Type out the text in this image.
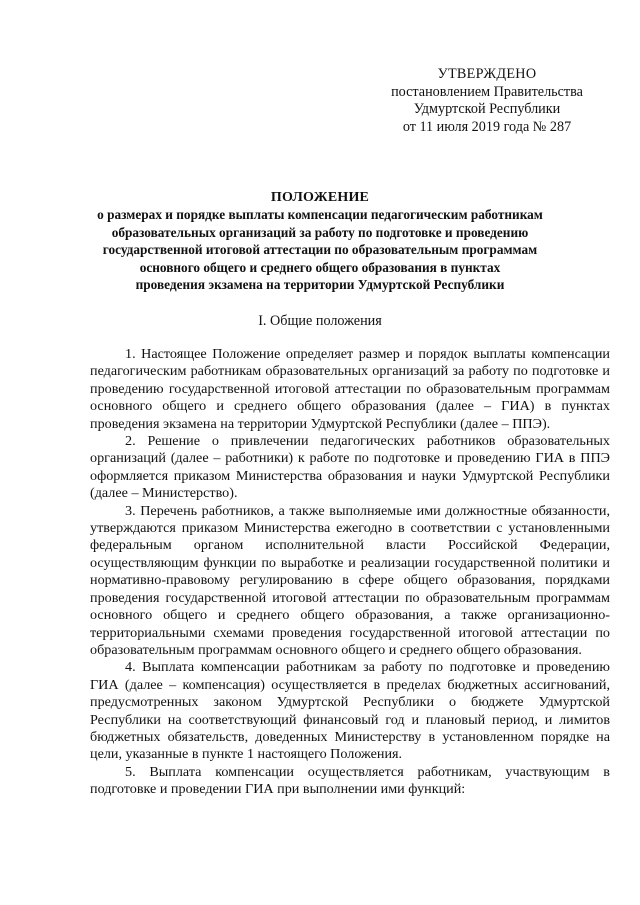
УТВЕРЖДЕНО
постановлением Правительства
Удмуртской Республики
от 11 июля 2019 года № 287
ПОЛОЖЕНИЕ
о размерах и порядке выплаты компенсации педагогическим работникам
образовательных организаций за работу по подготовке и проведению
государственной итоговой аттестации по образовательным программам
основного общего и среднего общего образования в пунктах
проведения экзамена на территории Удмуртской Республики
I. Общие положения

1. Настоящее Положение определяет размер и порядок выплаты компенсации педагогическим работникам образовательных организаций за работу по подготовке и проведению государственной итоговой аттестации по образовательным программам основного общего и среднего общего образования (далее – ГИА) в пунктах проведения экзамена на территории Удмуртской Республики (далее – ППЭ).

2. Решение о привлечении педагогических работников образовательных организаций (далее – работники) к работе по подготовке и проведению ГИА в ППЭ оформляется приказом Министерства образования и науки Удмуртской Республики (далее – Министерство).

3. Перечень работников, а также выполняемые ими должностные обязанности, утверждаются приказом Министерства ежегодно в соответствии с установленными федеральным органом исполнительной власти Российской Федерации, осуществляющим функции по выработке и реализации государственной политики и нормативно-правовому регулированию в сфере общего образования, порядками проведения государственной итоговой аттестации по образовательным программам основного общего и среднего общего образования, а также организационно-территориальными схемами проведения государственной итоговой аттестации по образовательным программам основного общего и среднего общего образования.

4. Выплата компенсации работникам за работу по подготовке и проведению ГИА (далее – компенсация) осуществляется в пределах бюджетных ассигнований, предусмотренных законом Удмуртской Республики о бюджете Удмуртской Республики на соответствующий финансовый год и плановый период, и лимитов бюджетных обязательств, доведенных Министерству в установленном порядке на цели, указанные в пункте 1 настоящего Положения.

5. Выплата компенсации осуществляется работникам, участвующим в подготовке и проведении ГИА при выполнении ими функций:
